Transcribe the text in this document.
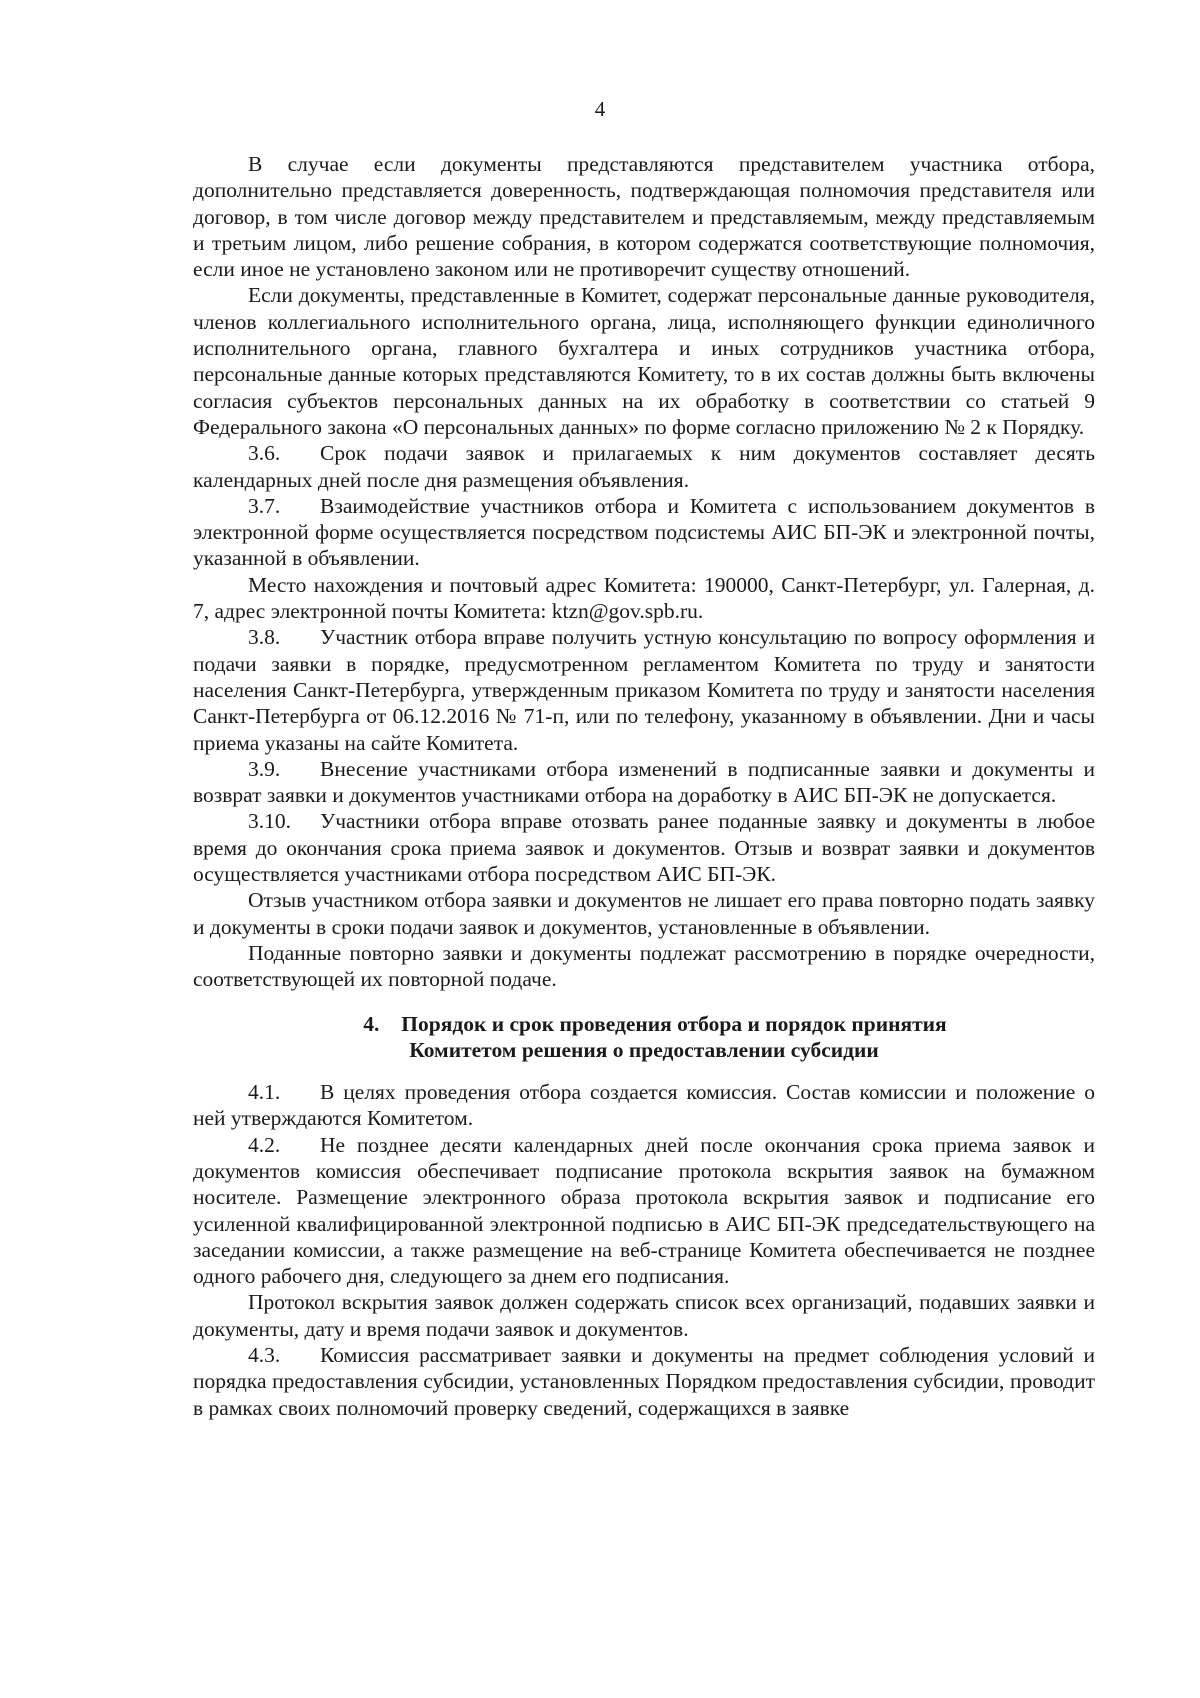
4

В случае если документы представляются представителем участника отбора, дополнительно представляется доверенность, подтверждающая полномочия представителя или договор, в том числе договор между представителем и представляемым, между представляемым и третьим лицом, либо решение собрания, в котором содержатся соответствующие полномочия, если иное не установлено законом или не противоречит существу отношений.

Если документы, представленные в Комитет, содержат персональные данные руководителя, членов коллегиального исполнительного органа, лица, исполняющего функции единоличного исполнительного органа, главного бухгалтера и иных сотрудников участника отбора, персональные данные которых представляются Комитету, то в их состав должны быть включены согласия субъектов персональных данных на их обработку в соответствии со статьей 9 Федерального закона «О персональных данных» по форме согласно приложению № 2 к Порядку.

3.6. Срок подачи заявок и прилагаемых к ним документов составляет десять календарных дней после дня размещения объявления.

3.7. Взаимодействие участников отбора и Комитета с использованием документов в электронной форме осуществляется посредством подсистемы АИС БП-ЭК и электронной почты, указанной в объявлении.

Место нахождения и почтовый адрес Комитета: 190000, Санкт-Петербург, ул. Галерная, д. 7, адрес электронной почты Комитета: ktzn@gov.spb.ru.

3.8. Участник отбора вправе получить устную консультацию по вопросу оформления и подачи заявки в порядке, предусмотренном регламентом Комитета по труду и занятости населения Санкт-Петербурга, утвержденным приказом Комитета по труду и занятости населения Санкт-Петербурга от 06.12.2016 № 71-п, или по телефону, указанному в объявлении. Дни и часы приема указаны на сайте Комитета.

3.9. Внесение участниками отбора изменений в подписанные заявки и документы и возврат заявки и документов участниками отбора на доработку в АИС БП-ЭК не допускается.

3.10. Участники отбора вправе отозвать ранее поданные заявку и документы в любое время до окончания срока приема заявок и документов. Отзыв и возврат заявки и документов осуществляется участниками отбора посредством АИС БП-ЭК.

Отзыв участником отбора заявки и документов не лишает его права повторно подать заявку и документы в сроки подачи заявок и документов, установленные в объявлении.

Поданные повторно заявки и документы подлежат рассмотрению в порядке очередности, соответствующей их повторной подаче.

4. Порядок и срок проведения отбора и порядок принятия
Комитетом решения о предоставлении субсидии

4.1. В целях проведения отбора создается комиссия. Состав комиссии и положение о ней утверждаются Комитетом.

4.2. Не позднее десяти календарных дней после окончания срока приема заявок и документов комиссия обеспечивает подписание протокола вскрытия заявок на бумажном носителе. Размещение электронного образа протокола вскрытия заявок и подписание его усиленной квалифицированной электронной подписью в АИС БП-ЭК председательствующего на заседании комиссии, а также размещение на веб-странице Комитета обеспечивается не позднее одного рабочего дня, следующего за днем его подписания.

Протокол вскрытия заявок должен содержать список всех организаций, подавших заявки и документы, дату и время подачи заявок и документов.

4.3. Комиссия рассматривает заявки и документы на предмет соблюдения условий и порядка предоставления субсидии, установленных Порядком предоставления субсидии, проводит в рамках своих полномочий проверку сведений, содержащихся в заявке
